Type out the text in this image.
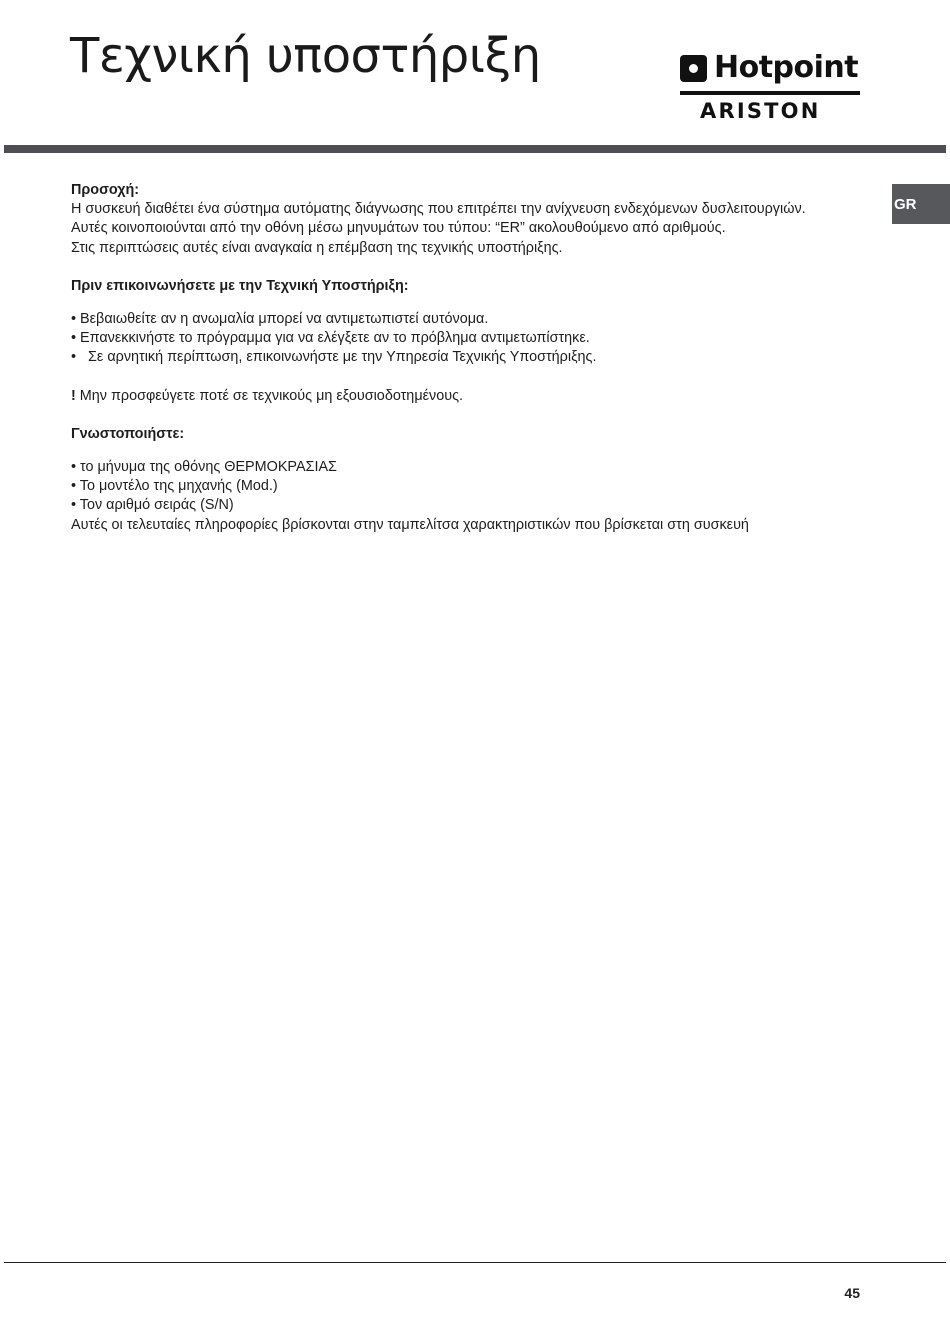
Τεχνική υποστήριξη	Hotpoint
ARISTON
GR

Προσοχή:

Η συσκευή διαθέτει ένα σύστημα αυτόματης διάγνωσης που επιτρέπει την ανίχνευση ενδεχόμενων δυσλειτουργιών.

Αυτές κοινοποιούνται από την οθόνη μέσω μηνυμάτων του τύπου: “ER” ακολουθούμενο από αριθμούς.

Στις περιπτώσεις αυτές είναι αναγκαία η επέμβαση της τεχνικής υποστήριξης.

Πριν επικοινωνήσετε με την Τεχνική Υποστήριξη:

• Βεβαιωθείτε αν η ανωμαλία μπορεί να αντιμετωπιστεί αυτόνομα.

• Επανεκκινήστε το πρόγραμμα για να ελέγξετε αν το πρόβλημα αντιμετωπίστηκε.

•   Σε αρνητική περίπτωση, επικοινωνήστε με την Υπηρεσία Τεχνικής Υποστήριξης.

! Μην προσφεύγετε ποτέ σε τεχνικούς μη εξουσιοδοτημένους.

Γνωστοποιήστε:

• το μήνυμα της οθόνης ΘΕΡΜΟΚΡΑΣΙΑΣ

• Το μοντέλο της μηχανής (Mod.)

• Τον αριθμό σειράς (S/N)

Αυτές οι τελευταίες πληροφορίες βρίσκονται στην ταμπελίτσα χαρακτηριστικών που βρίσκεται στη συσκευή

45
